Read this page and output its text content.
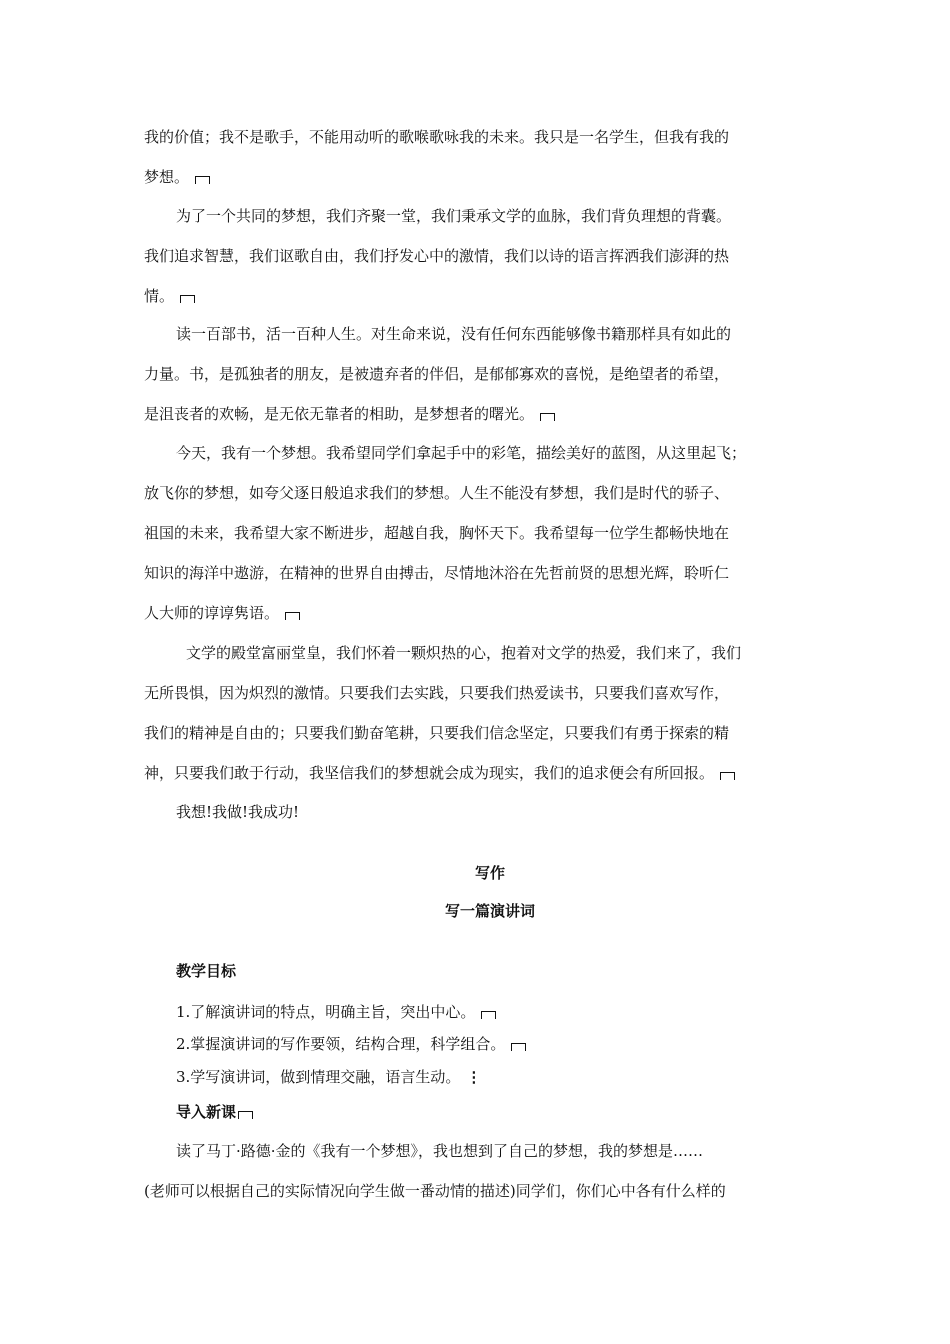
我的价值；我不是歌手，不能用动听的歌喉歌咏我的未来。我只是一名学生，但我有我的
梦想。
为了一个共同的梦想，我们齐聚一堂，我们秉承文学的血脉，我们背负理想的背囊。
我们追求智慧，我们讴歌自由，我们抒发心中的激情，我们以诗的语言挥洒我们澎湃的热
情。
读一百部书，活一百种人生。对生命来说，没有任何东西能够像书籍那样具有如此的
力量。书，是孤独者的朋友，是被遗弃者的伴侣，是郁郁寡欢的喜悦，是绝望者的希望，
是沮丧者的欢畅，是无依无靠者的相助，是梦想者的曙光。
今天，我有一个梦想。我希望同学们拿起手中的彩笔，描绘美好的蓝图，从这里起飞；
放飞你的梦想，如夸父逐日般追求我们的梦想。人生不能没有梦想，我们是时代的骄子、
祖国的未来，我希望大家不断进步，超越自我，胸怀天下。我希望每一位学生都畅快地在
知识的海洋中遨游，在精神的世界自由搏击，尽情地沐浴在先哲前贤的思想光辉，聆听仁
人大师的谆谆隽语。
文学的殿堂富丽堂皇，我们怀着一颗炽热的心，抱着对文学的热爱，我们来了，我们
无所畏惧，因为炽烈的激情。只要我们去实践，只要我们热爱读书，只要我们喜欢写作，
我们的精神是自由的；只要我们勤奋笔耕，只要我们信念坚定，只要我们有勇于探索的精
神，只要我们敢于行动，我坚信我们的梦想就会成为现实，我们的追求便会有所回报。
我想!我做!我成功!
写作
写一篇演讲词
教学目标
1.了解演讲词的特点，明确主旨，突出中心。
2.掌握演讲词的写作要领，结构合理，科学组合。
3.学写演讲词，做到情理交融，语言生动。 ⋮
导入新课
读了马丁·路德·金的《我有一个梦想》，我也想到了自己的梦想，我的梦想是……
(老师可以根据自己的实际情况向学生做一番动情的描述)同学们，你们心中各有什么样的
